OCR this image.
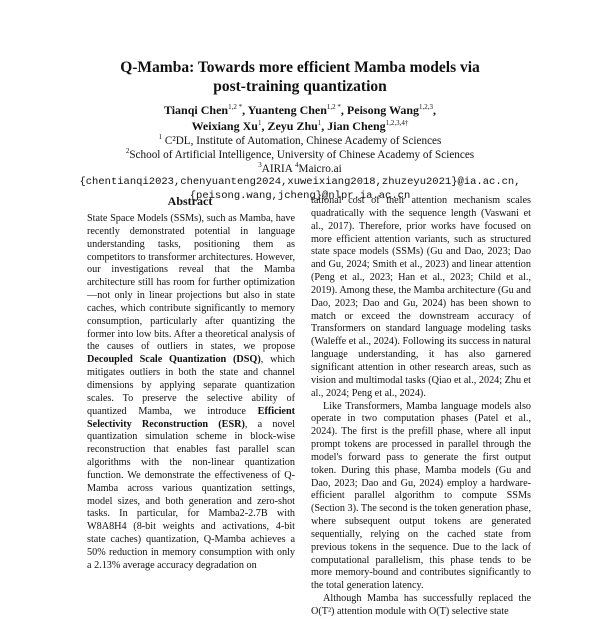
Q-Mamba: Towards more efficient Mamba models via
post-training quantization
Tianqi Chen$^{1,2 *}$, Yuanteng Chen$^{1,2 *}$, Peisong Wang$^{1,2,3}$,
Weixiang Xu$^1$, Zeyu Zhu$^1$, Jian Cheng$^{1,2,3,4\dagger}$
$^1$ C²DL, Institute of Automation, Chinese Academy of Sciences
$^2$School of Artificial Intelligence, University of Chinese Academy of Sciences
$^3$AIRIA $^4$Maicro.ai
{chentianqi2023,chenyuanteng2024,xuweixiang2018,zhuzeyu2021}@ia.ac.cn,
{peisong.wang,jcheng}@nlpr.ia.ac.cn
Abstract

State Space Models (SSMs), such as Mamba, have recently demonstrated potential in language understanding tasks, positioning them as competitors to transformer architectures. However, our investigations reveal that the Mamba architecture still has room for further optimization—not only in linear projections but also in state caches, which contribute significantly to memory consumption, particularly after quantizing the former into low bits. After a theoretical analysis of the causes of outliers in states, we propose Decoupled Scale Quantization (DSQ), which mitigates outliers in both the state and channel dimensions by applying separate quantization scales. To preserve the selective ability of quantized Mamba, we introduce Efficient Selectivity Reconstruction (ESR), a novel quantization simulation scheme in block-wise reconstruction that enables fast parallel scan algorithms with the non-linear quantization function. We demonstrate the effectiveness of Q-Mamba across various quantization settings, model sizes, and both generation and zero-shot tasks. In particular, for Mamba2-2.7B with W8A8H4 (8-bit weights and activations, 4-bit state caches) quantization, Q-Mamba achieves a 50% reduction in memory consumption with only a 2.13% average accuracy degradation on

tational cost of their attention mechanism scales quadratically with the sequence length (Vaswani et al., 2017). Therefore, prior works have focused on more efficient attention variants, such as structured state space models (SSMs) (Gu and Dao, 2023; Dao and Gu, 2024; Smith et al., 2023) and linear attention (Peng et al., 2023; Han et al., 2023; Child et al., 2019). Among these, the Mamba architecture (Gu and Dao, 2023; Dao and Gu, 2024) has been shown to match or exceed the downstream accuracy of Transformers on standard language modeling tasks (Waleffe et al., 2024). Following its success in natural language understanding, it has also garnered significant attention in other research areas, such as vision and multimodal tasks (Qiao et al., 2024; Zhu et al., 2024; Peng et al., 2024).

Like Transformers, Mamba language models also operate in two computation phases (Patel et al., 2024). The first is the prefill phase, where all input prompt tokens are processed in parallel through the model's forward pass to generate the first output token. During this phase, Mamba models (Gu and Dao, 2023; Dao and Gu, 2024) employ a hardware-efficient parallel algorithm to compute SSMs (Section 3). The second is the token generation phase, where subsequent output tokens are generated sequentially, relying on the cached state from previous tokens in the sequence. Due to the lack of computational parallelism, this phase tends to be more memory-bound and contributes significantly to the total generation latency.

Although Mamba has successfully replaced the O(T²) attention module with O(T) selective state
